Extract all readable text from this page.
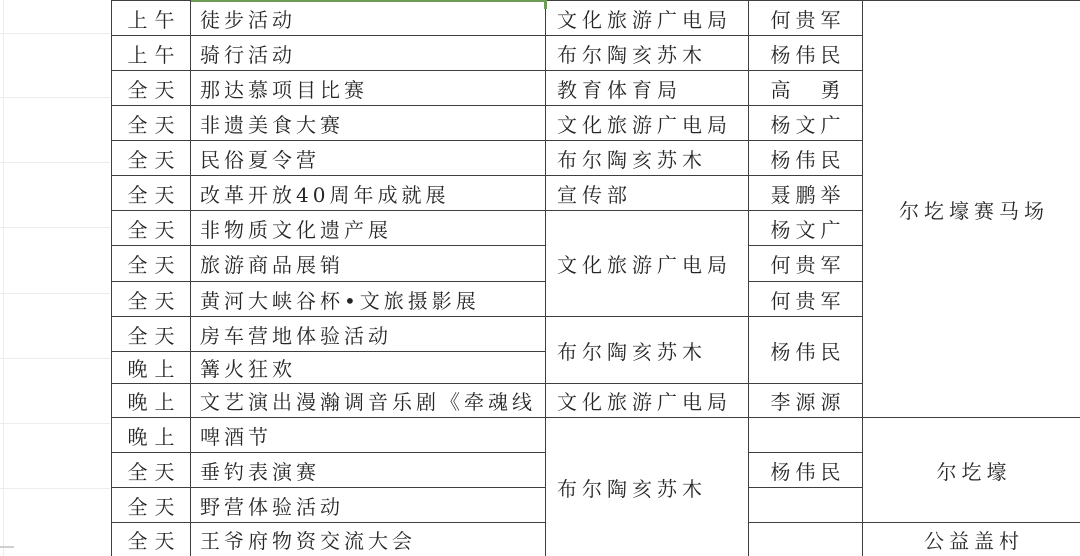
上午	徒步活动	文化旅游广电局	何贵军	尔圪壕赛马场
上午	骑行活动	布尔陶亥苏木	杨伟民	
全天	那达慕项目比赛	教育体育局	高　勇	
全天	非遗美食大赛	文化旅游广电局	杨文广	
全天	民俗夏令营	布尔陶亥苏木	杨伟民	
全天	改革开放40周年成就展	宣传部	聂鹏举	
全天	非物质文化遗产展	文化旅游广电局	杨文广	
全天	旅游商品展销		何贵军	
全天	黄河大峡谷杯•文旅摄影展		何贵军	
全天	房车营地体验活动	布尔陶亥苏木	杨伟民	
晚上	篝火狂欢			
晚上	文艺演出漫瀚调音乐剧《牵魂线	文化旅游广电局	李源源	
晚上	啤酒节	布尔陶亥苏木		尔圪壕
全天	垂钓表演赛		杨伟民	
全天	野营体验活动			
全天	王爷府物资交流大会			公益盖村
